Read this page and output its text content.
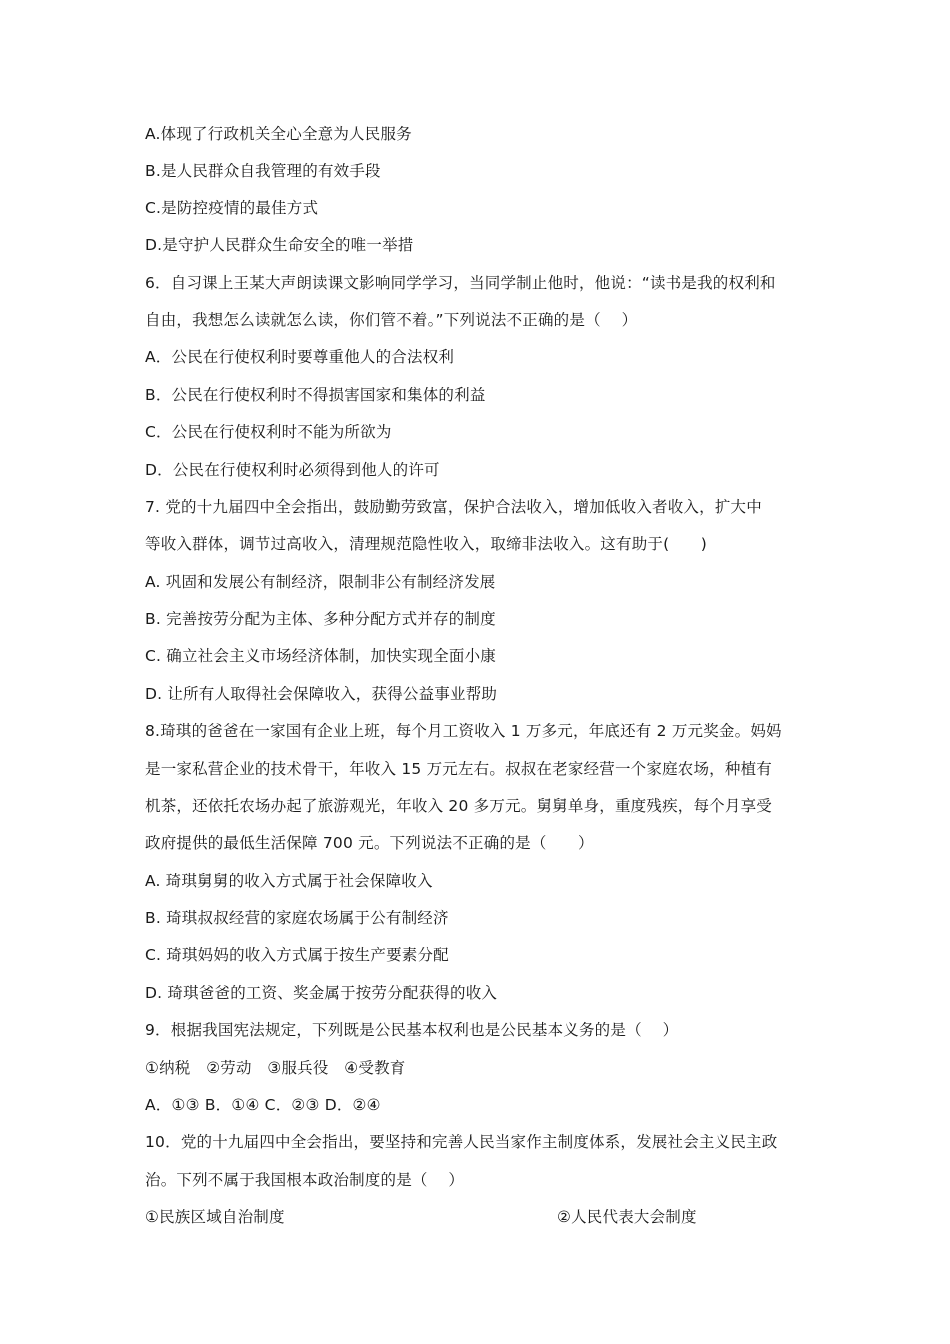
A.体现了行政机关全心全意为人民服务
B.是人民群众自我管理的有效手段
C.是防控疫情的最佳方式
D.是守护人民群众生命安全的唯一举措
6．自习课上王某大声朗读课文影响同学学习，当同学制止他时，他说：“读书是我的权利和
自由，我想怎么读就怎么读，你们管不着。”下列说法不正确的是（　 ）
A．公民在行使权利时要尊重他人的合法权利
B．公民在行使权利时不得损害国家和集体的利益
C．公民在行使权利时不能为所欲为
D．公民在行使权利时必须得到他人的许可
7. 党的十九届四中全会指出，鼓励勤劳致富，保护合法收入，增加低收入者收入，扩大中
等收入群体，调节过高收入，清理规范隐性收入，取缔非法收入。这有助于(　　)
A. 巩固和发展公有制经济，限制非公有制经济发展
B. 完善按劳分配为主体、多种分配方式并存的制度
C. 确立社会主义市场经济体制，加快实现全面小康
D. 让所有人取得社会保障收入，获得公益事业帮助
8.琦琪的爸爸在一家国有企业上班，每个月工资收入 1 万多元，年底还有 2 万元奖金。妈妈
是一家私营企业的技术骨干，年收入 15 万元左右。叔叔在老家经营一个家庭农场，种植有
机茶，还依托农场办起了旅游观光，年收入 20 多万元。舅舅单身，重度残疾，每个月享受
政府提供的最低生活保障 700 元。下列说法不正确的是（　　）
A. 琦琪舅舅的收入方式属于社会保障收入
B. 琦琪叔叔经营的家庭农场属于公有制经济
C. 琦琪妈妈的收入方式属于按生产要素分配
D. 琦琪爸爸的工资、奖金属于按劳分配获得的收入
9．根据我国宪法规定，下列既是公民基本权利也是公民基本义务的是（　 ）
①纳税　②劳动　③服兵役　④受教育
A．①③ B．①④ C．②③ D．②④
10．党的十九届四中全会指出，要坚持和完善人民当家作主制度体系，发展社会主义民主政
治。下列不属于我国根本政治制度的是（　 ）
①民族区域自治制度	②人民代表大会制度
